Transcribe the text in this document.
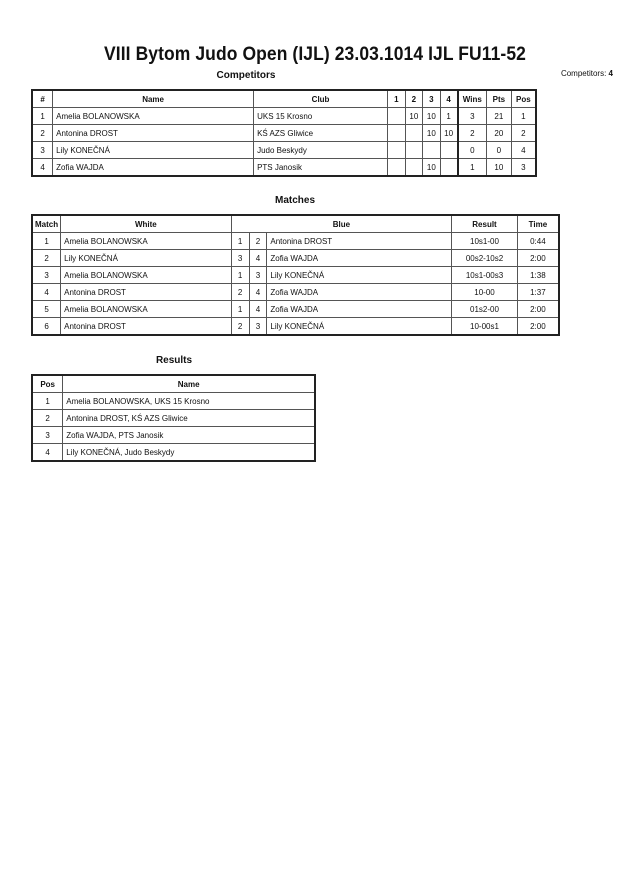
VIII Bytom Judo Open (IJL) 23.03.1014 IJL FU11-52
Competitors	Competitors: 4
#	Name	Club	1	2	3	4	Wins	Pts	Pos
1	Amelia BOLANOWSKA	UKS 15 Krosno		10	10	1	3	21	1
2	Antonina DROST	KŚ AZS Gliwice			10	10	2	20	2
3	Lily KONEČNÁ	Judo Beskydy					0	0	4
4	Zofia WAJDA	PTS Janosik			10		1	10	3
Matches
Match	White	Blue			Result	Time
1	Amelia BOLANOWSKA	1	2	Antonina DROST	10s1-00	0:44
2	Lily KONEČNÁ	3	4	Zofia WAJDA	00s2-10s2	2:00
3	Amelia BOLANOWSKA	1	3	Lily KONEČNÁ	10s1-00s3	1:38
4	Antonina DROST	2	4	Zofia WAJDA	10-00	1:37
5	Amelia BOLANOWSKA	1	4	Zofia WAJDA	01s2-00	2:00
6	Antonina DROST	2	3	Lily KONEČNÁ	10-00s1	2:00
Results
Pos	Name
1	Amelia BOLANOWSKA, UKS 15 Krosno
2	Antonina DROST, KŚ AZS Gliwice
3	Zofia WAJDA, PTS Janosik
4	Lily KONEČNÁ, Judo Beskydy
